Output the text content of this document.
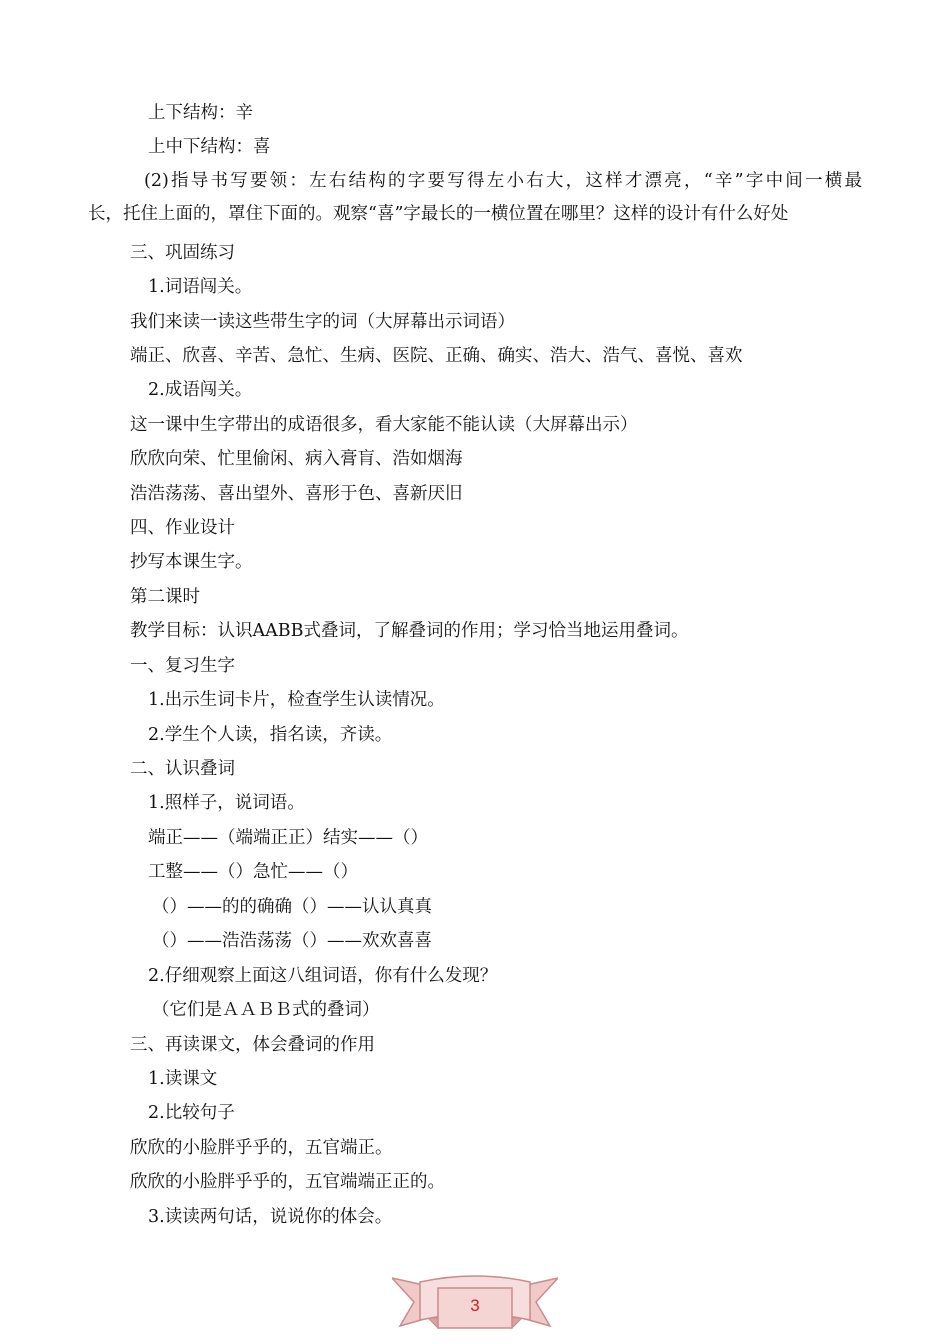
上下结构：辛
上中下结构：喜
(2)指导书写要领：左右结构的字要写得左小右大，这样才漂亮，“辛”字中间一横最
长，托住上面的，罩住下面的。观察“喜”字最长的一横位置在哪里？这样的设计有什么好处
三、巩固练习
1.词语闯关。
我们来读一读这些带生字的词（大屏幕出示词语）
端正、欣喜、辛苦、急忙、生病、医院、正确、确实、浩大、浩气、喜悦、喜欢
2.成语闯关。
这一课中生字带出的成语很多，看大家能不能认读（大屏幕出示）
欣欣向荣、忙里偷闲、病入膏肓、浩如烟海
浩浩荡荡、喜出望外、喜形于色、喜新厌旧
四、作业设计
抄写本课生字。
第二课时
教学目标：认识AABB式叠词，了解叠词的作用；学习恰当地运用叠词。
一、复习生字
1.出示生词卡片，检查学生认读情况。
2.学生个人读，指名读，齐读。
二、认识叠词
1.照样子，说词语。
端正——（端端正正）结实——（）
工整——（）急忙——（）
（）——的的确确（）——认认真真
（）——浩浩荡荡（）——欢欢喜喜
2.仔细观察上面这八组词语，你有什么发现？
（它们是ＡＡＢＢ式的叠词）
三、再读课文，体会叠词的作用
1.读课文
2.比较句子
欣欣的小脸胖乎乎的，五官端正。
欣欣的小脸胖乎乎的，五官端端正正的。
3.读读两句话，说说你的体会。
3
